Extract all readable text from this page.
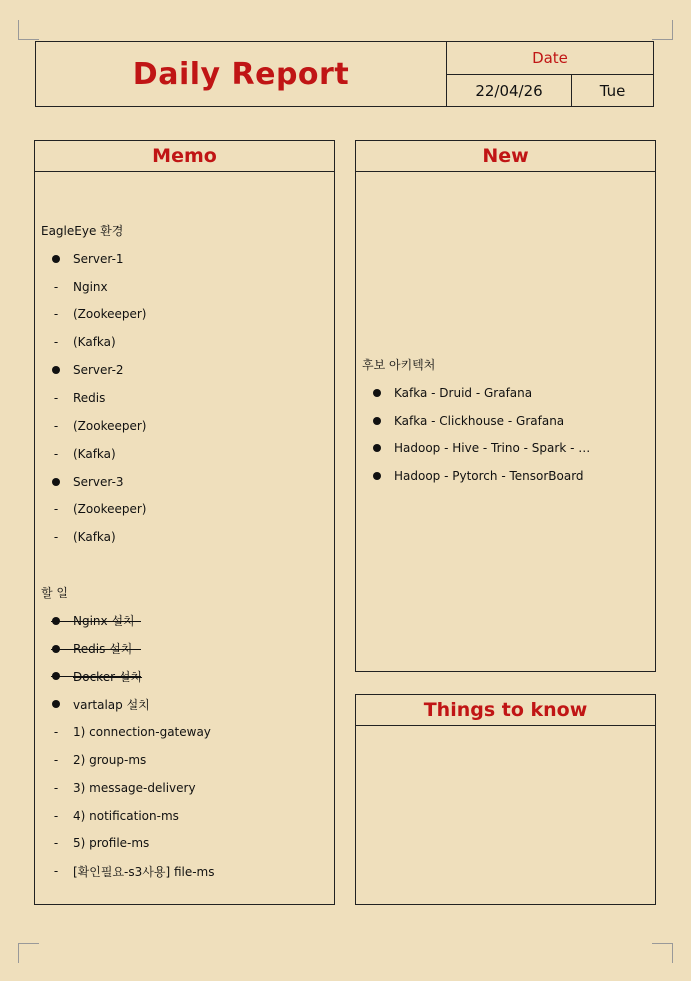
Daily Report	Date
22/04/26	Tue
Memo
EagleEye 환경
Server-1
- Nginx
- (Zookeeper)
- (Kafka)
Server-2
- Redis
- (Zookeeper)
- (Kafka)
Server-3
- (Zookeeper)
- (Kafka)
할 일
Nginx 설치
Redis 설치
Docker 설치
vartalap 설치
- 1) connection-gateway
- 2) group-ms
- 3) message-delivery
- 4) notification-ms
- 5) profile-ms
- [확인필요-s3사용] file-ms
New
후보 아키텍처
Kafka - Druid - Grafana
Kafka - Clickhouse - Grafana
Hadoop - Hive - Trino - Spark - …
Hadoop - Pytorch - TensorBoard
Things to know
